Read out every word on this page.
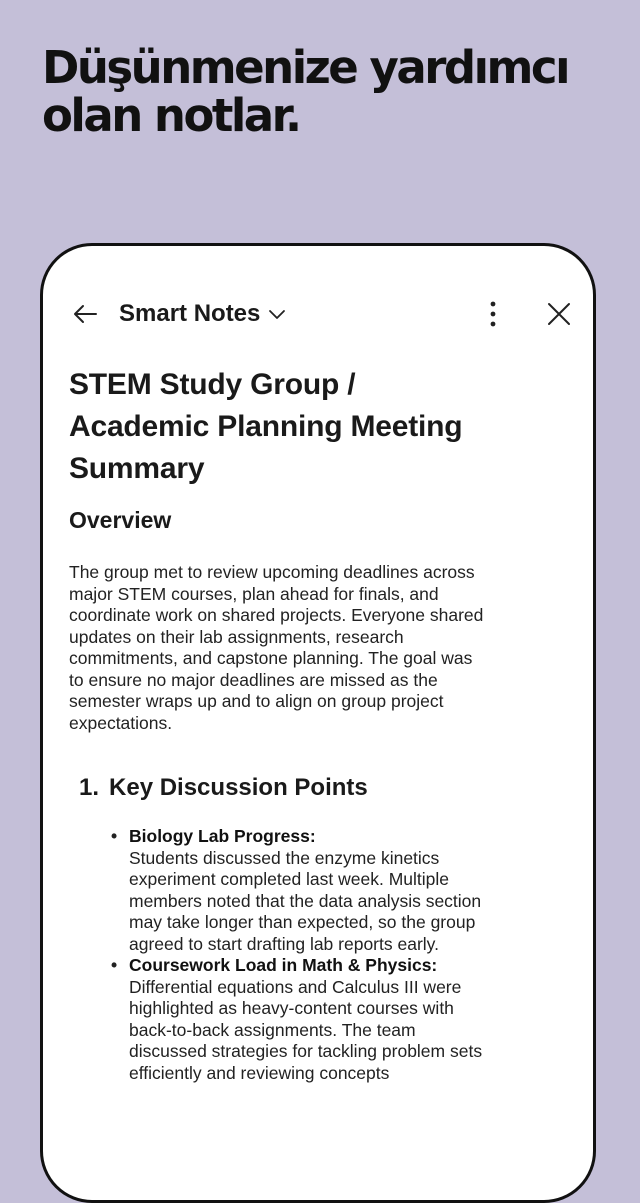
Düşünmenize yardımcı
olan notlar.
Smart Notes
STEM Study Group / Academic Planning Meeting Summary
Overview

The group met to review upcoming deadlines across major STEM courses, plan ahead for finals, and coordinate work on shared projects. Everyone shared updates on their lab assignments, research commitments, and capstone planning. The goal was to ensure no major deadlines are missed as the semester wraps up and to align on group project expectations.

1. Key Discussion Points
• Biology Lab Progress:
Students discussed the enzyme kinetics experiment completed last week. Multiple members noted that the data analysis section may take longer than expected, so the group agreed to start drafting lab reports early.
• Coursework Load in Math & Physics:
Differential equations and Calculus III were highlighted as heavy-content courses with back-to-back assignments. The team discussed strategies for tackling problem sets efficiently and reviewing concepts
